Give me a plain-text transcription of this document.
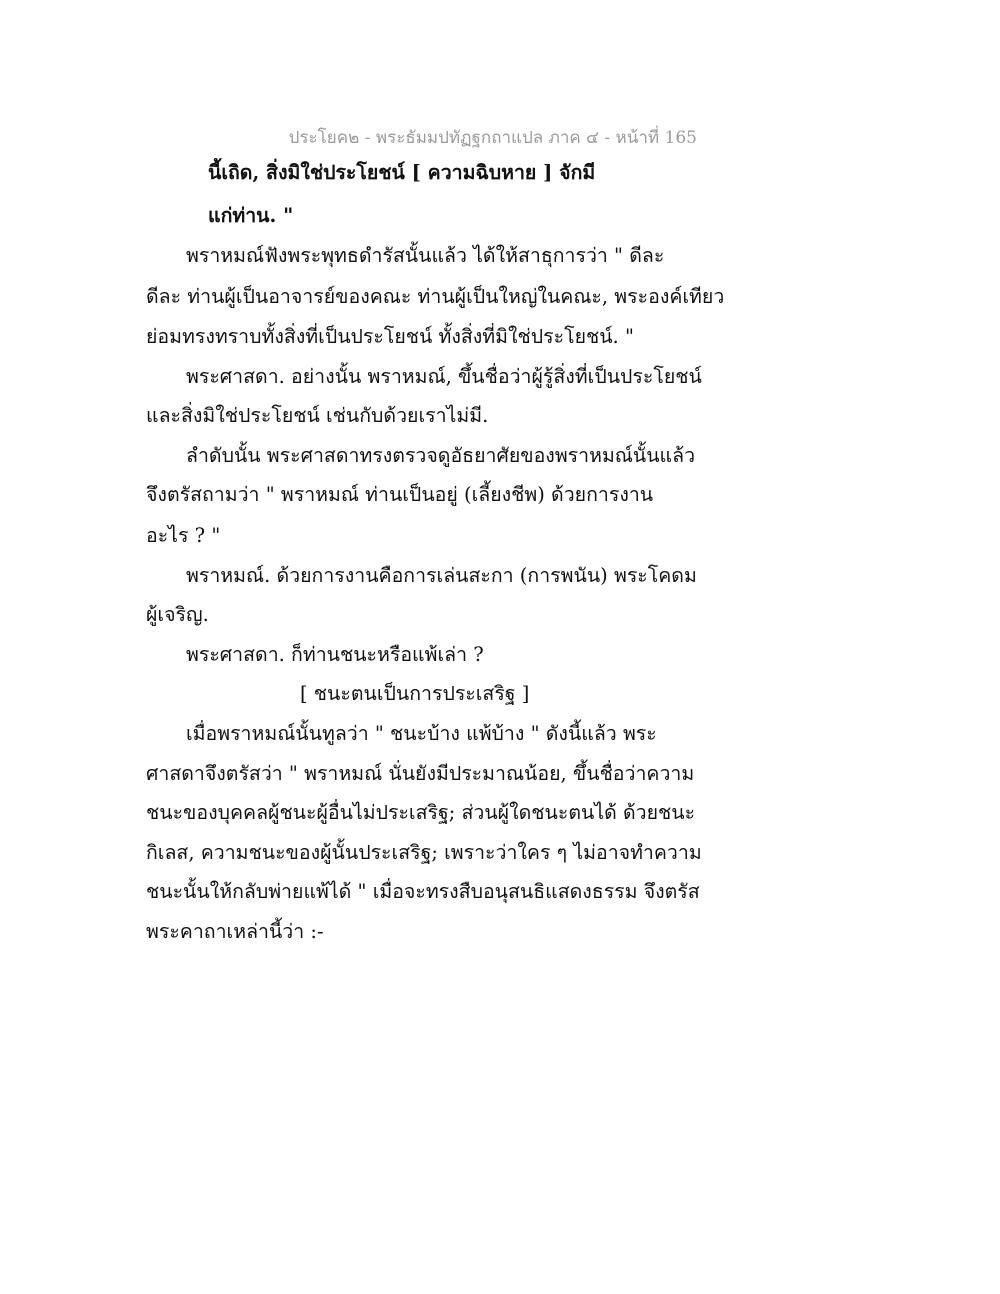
ประโยค๒ - พระธัมมปทัฏฐกถาแปล ภาค ๔ - หน้าที่ 165
นี้เถิด, สิ่งมิใช่ประโยชน์ [ ความฉิบหาย ] จักมี
แก่ท่าน. "
พราหมณ์ฟังพระพุทธดำรัสนั้นแล้ว ได้ให้สาธุการว่า " ดีละ
ดีละ ท่านผู้เป็นอาจารย์ของคณะ ท่านผู้เป็นใหญ่ในคณะ, พระองค์เทียว
ย่อมทรงทราบทั้งสิ่งที่เป็นประโยชน์ ทั้งสิ่งที่มิใช่ประโยชน์. "
พระศาสดา. อย่างนั้น พราหมณ์, ขึ้นชื่อว่าผู้รู้สิ่งที่เป็นประโยชน์
และสิ่งมิใช่ประโยชน์ เช่นกับด้วยเราไม่มี.
ลำดับนั้น พระศาสดาทรงตรวจดูอัธยาศัยของพราหมณ์นั้นแล้ว
จึงตรัสถามว่า " พราหมณ์ ท่านเป็นอยู่ (เลี้ยงชีพ) ด้วยการงาน
อะไร ? "
พราหมณ์. ด้วยการงานคือการเล่นสะกา (การพนัน) พระโคดม
ผู้เจริญ.
พระศาสดา. ก็ท่านชนะหรือแพ้เล่า ?
[ ชนะตนเป็นการประเสริฐ ]
เมื่อพราหมณ์นั้นทูลว่า " ชนะบ้าง แพ้บ้าง " ดังนี้แล้ว พระ
ศาสดาจึงตรัสว่า " พราหมณ์ นั่นยังมีประมาณน้อย, ขึ้นชื่อว่าความ
ชนะของบุคคลผู้ชนะผู้อื่นไม่ประเสริฐ; ส่วนผู้ใดชนะตนได้ ด้วยชนะ
กิเลส, ความชนะของผู้นั้นประเสริฐ; เพราะว่าใคร ๆ ไม่อาจทำความ
ชนะนั้นให้กลับพ่ายแพ้ได้ " เมื่อจะทรงสืบอนุสนธิแสดงธรรม จึงตรัส
พระคาถาเหล่านี้ว่า :-
